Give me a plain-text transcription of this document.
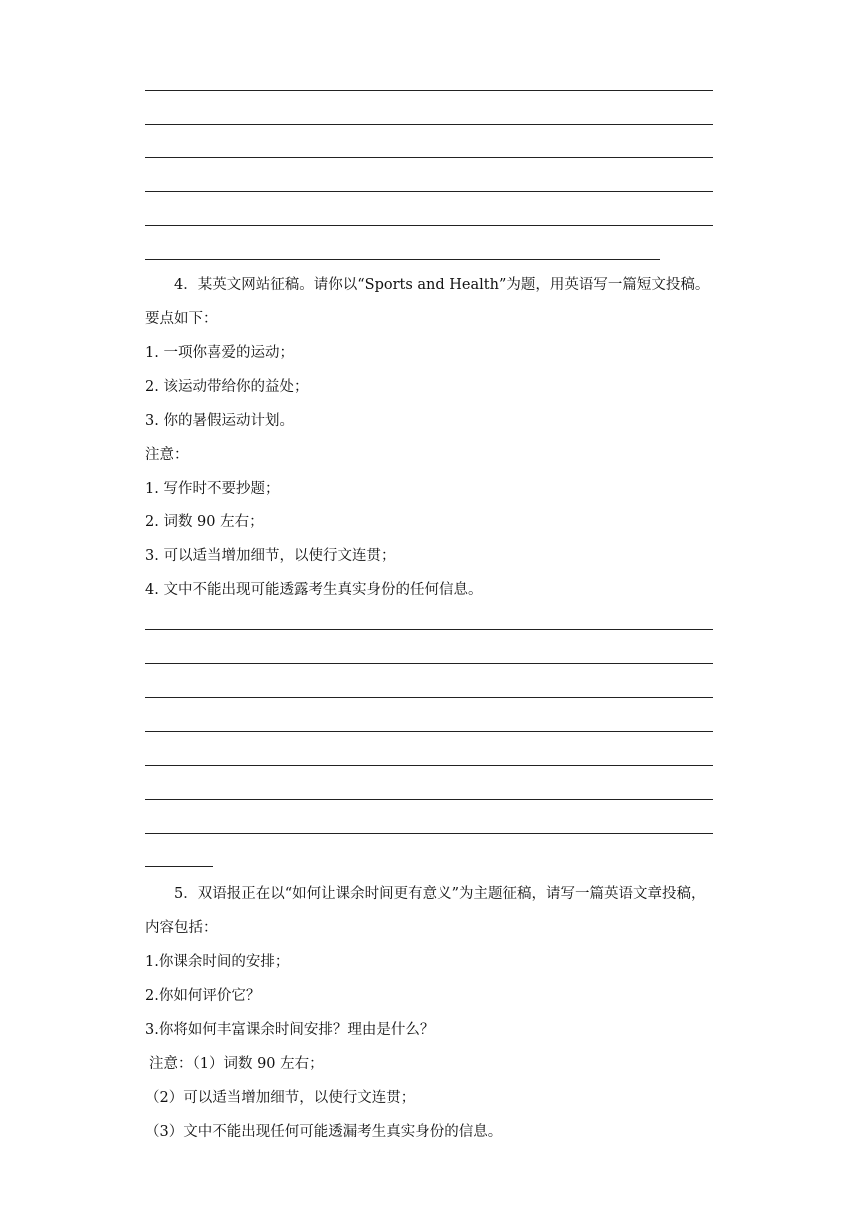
4．某英文网站征稿。请你以“Sports and Health”为题，用英语写一篇短文投稿。
要点如下：
1. 一项你喜爱的运动；
2. 该运动带给你的益处；
3. 你的暑假运动计划。
注意：
1. 写作时不要抄题；
2. 词数 90 左右；
3. 可以适当增加细节，以使行文连贯；
4. 文中不能出现可能透露考生真实身份的任何信息。
5．双语报正在以“如何让课余时间更有意义”为主题征稿，请写一篇英语文章投稿，
内容包括：
1.你课余时间的安排；
2.你如何评价它？
3.你将如何丰富课余时间安排？理由是什么？
注意：（1）词数 90 左右；
（2）可以适当增加细节，以使行文连贯；
（3）文中不能出现任何可能透漏考生真实身份的信息。
